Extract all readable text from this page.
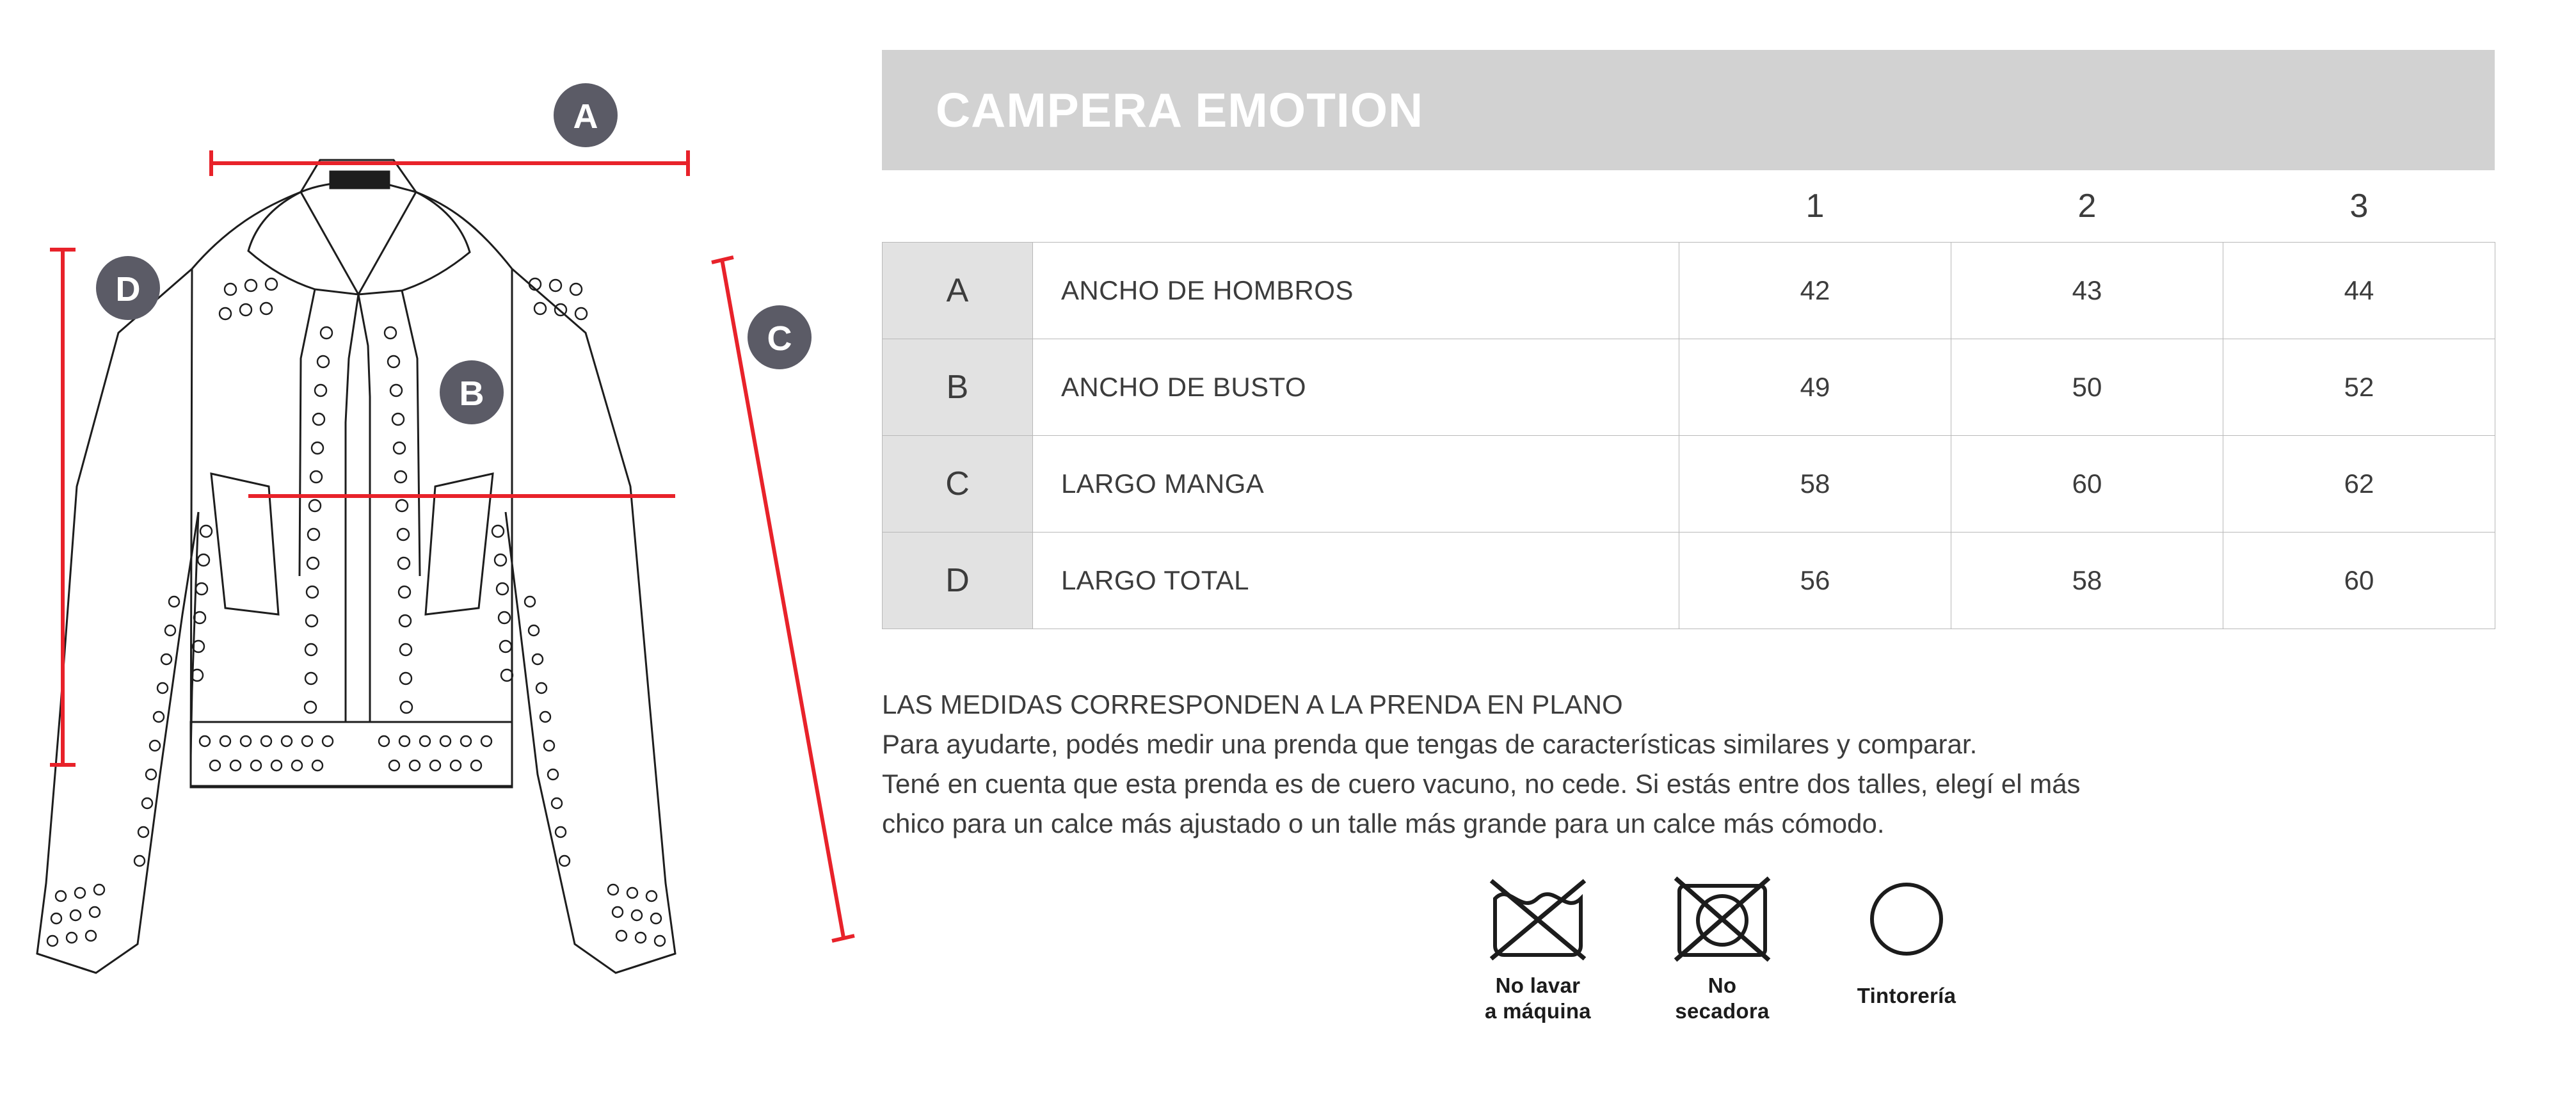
A
D
C
B
CAMPERA EMOTION
		1	2	3
A	ANCHO DE HOMBROS	42	43	44
B	ANCHO DE BUSTO	49	50	52
C	LARGO MANGA	58	60	62
D	LARGO TOTAL	56	58	60
LAS MEDIDAS CORRESPONDEN A LA PRENDA EN PLANO
Para ayudarte, podés medir una prenda que tengas de características similares y comparar.
Tené en cuenta que esta prenda es de cuero vacuno, no cede. Si estás entre dos talles, elegí el más
chico para un calce más ajustado o un talle más grande para un calce más cómodo.
No lavar
a máquina
No
secadora
Tintorería
